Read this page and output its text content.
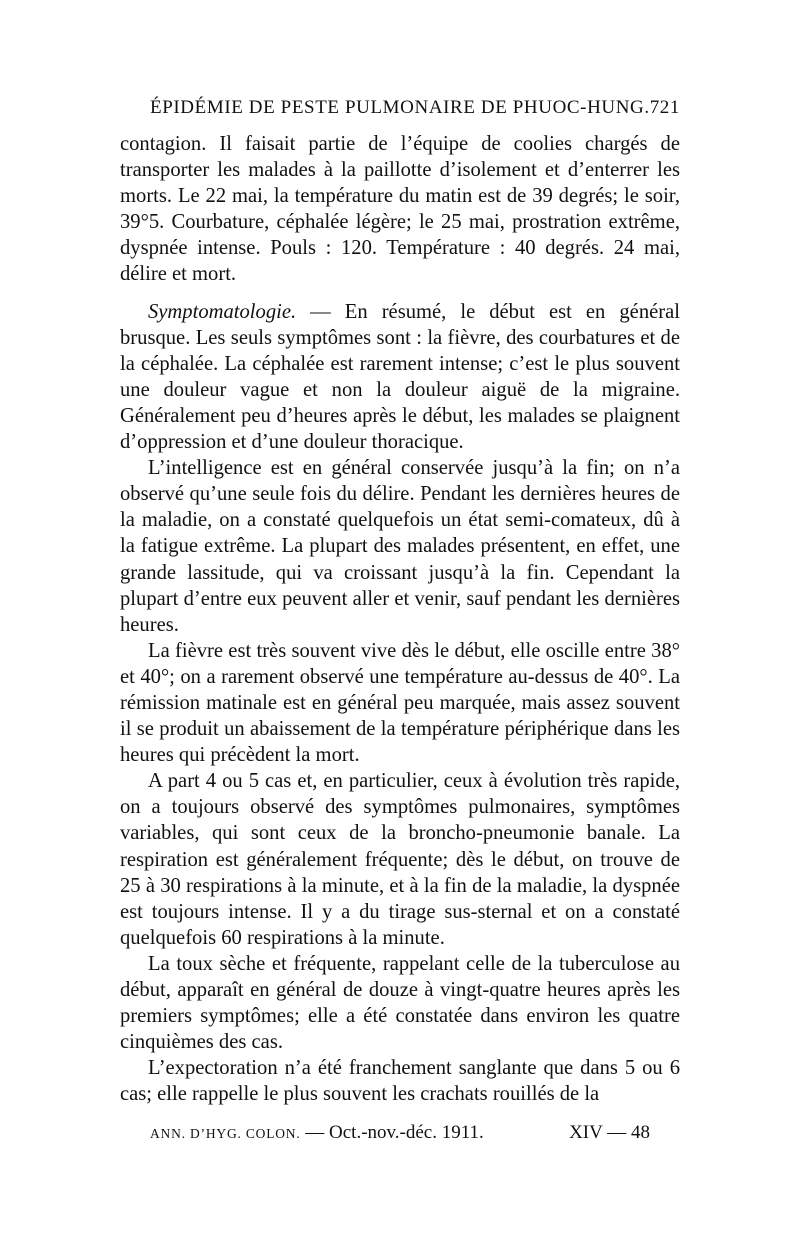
ÉPIDÉMIE DE PESTE PULMONAIRE DE PHUOC-HUNG. 721

contagion. Il faisait partie de l’équipe de coolies chargés de transporter les malades à la paillotte d’isolement et d’enterrer les morts. Le 22 mai, la température du matin est de 39 degrés; le soir, 39°5. Courbature, céphalée légère; le 25 mai, prostration extrême, dyspnée intense. Pouls : 120. Température : 40 degrés. 24 mai, délire et mort.

Symptomatologie. — En résumé, le début est en général brusque. Les seuls symptômes sont : la fièvre, des courbatures et de la céphalée. La céphalée est rarement intense; c’est le plus souvent une douleur vague et non la douleur aiguë de la migraine. Généralement peu d’heures après le début, les malades se plaignent d’oppression et d’une douleur thoracique.

L’intelligence est en général conservée jusqu’à la fin; on n’a observé qu’une seule fois du délire. Pendant les dernières heures de la maladie, on a constaté quelquefois un état semi-comateux, dû à la fatigue extrême. La plupart des malades présentent, en effet, une grande lassitude, qui va croissant jusqu’à la fin. Cependant la plupart d’entre eux peuvent aller et venir, sauf pendant les dernières heures.

La fièvre est très souvent vive dès le début, elle oscille entre 38° et 40°; on a rarement observé une température au-dessus de 40°. La rémission matinale est en général peu marquée, mais assez souvent il se produit un abaissement de la température périphérique dans les heures qui précèdent la mort.

A part 4 ou 5 cas et, en particulier, ceux à évolution très rapide, on a toujours observé des symptômes pulmonaires, symptômes variables, qui sont ceux de la broncho-pneumonie banale. La respiration est généralement fréquente; dès le début, on trouve de 25 à 30 respirations à la minute, et à la fin de la maladie, la dyspnée est toujours intense. Il y a du tirage sus-sternal et on a constaté quelquefois 60 respirations à la minute.

La toux sèche et fréquente, rappelant celle de la tuberculose au début, apparaît en général de douze à vingt-quatre heures après les premiers symptômes; elle a été constatée dans environ les quatre cinquièmes des cas.

L’expectoration n’a été franchement sanglante que dans 5 ou 6 cas; elle rappelle le plus souvent les crachats rouillés de la

ANN. D’HYG. COLON. — Oct.-nov.-déc. 1911.	XIV — 48
